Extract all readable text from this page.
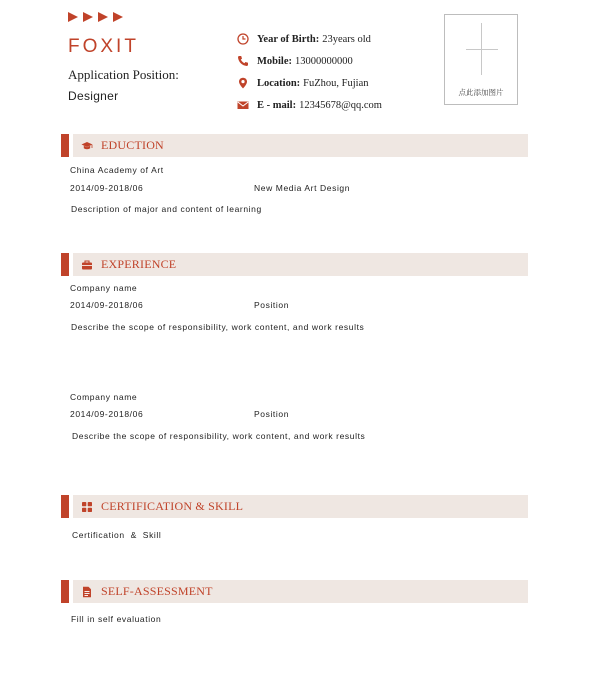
FOXIT
Application Position:
Designer
Year of Birth: 23years old
Mobile: 13000000000
Location: FuZhou, Fujian
E - mail: 12345678@qq.com
点此添加图片
EDUCTION
China Academy of Art
2014/09-2018/06	New Media Art Design
Description of major and content of learning
EXPERIENCE
Company name
2014/09-2018/06	Position
Describe the scope of responsibility, work content, and work results
Company name
2014/09-2018/06	Position
Describe the scope of responsibility, work content, and work results
CERTIFICATION & SKILL
Certification  &  Skill
SELF-ASSESSMENT
Fill in self evaluation
